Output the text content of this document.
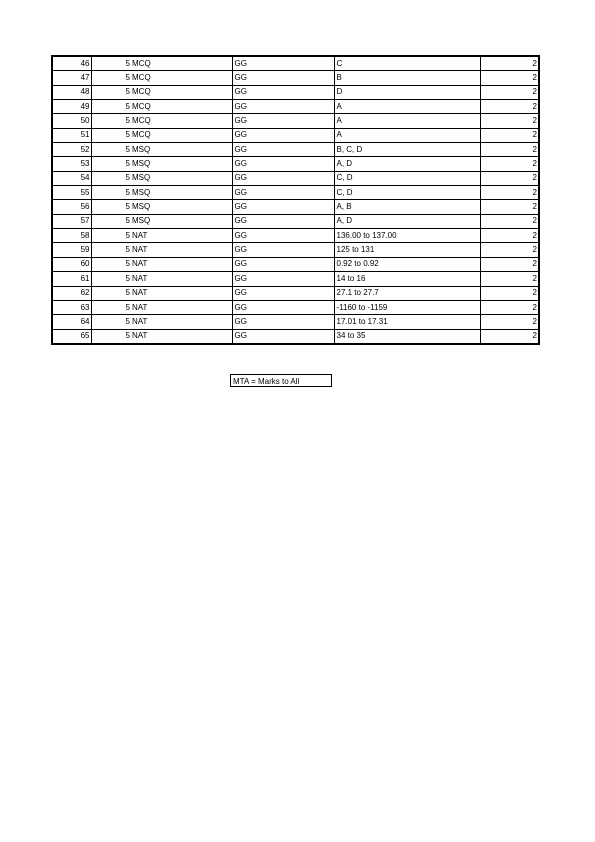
46	5	MCQ	GG	C	2
47	5	MCQ	GG	B	2
48	5	MCQ	GG	D	2
49	5	MCQ	GG	A	2
50	5	MCQ	GG	A	2
51	5	MCQ	GG	A	2
52	5	MSQ	GG	B, C, D	2
53	5	MSQ	GG	A, D	2
54	5	MSQ	GG	C, D	2
55	5	MSQ	GG	C, D	2
56	5	MSQ	GG	A, B	2
57	5	MSQ	GG	A, D	2
58	5	NAT	GG	136.00 to 137.00	2
59	5	NAT	GG	125 to 131	2
60	5	NAT	GG	0.92 to 0.92	2
61	5	NAT	GG	14 to 16	2
62	5	NAT	GG	27.1 to 27.7	2
63	5	NAT	GG	-1160 to -1159	2
64	5	NAT	GG	17.01 to 17.31	2
65	5	NAT	GG	34 to 35	2
MTA = Marks to All
